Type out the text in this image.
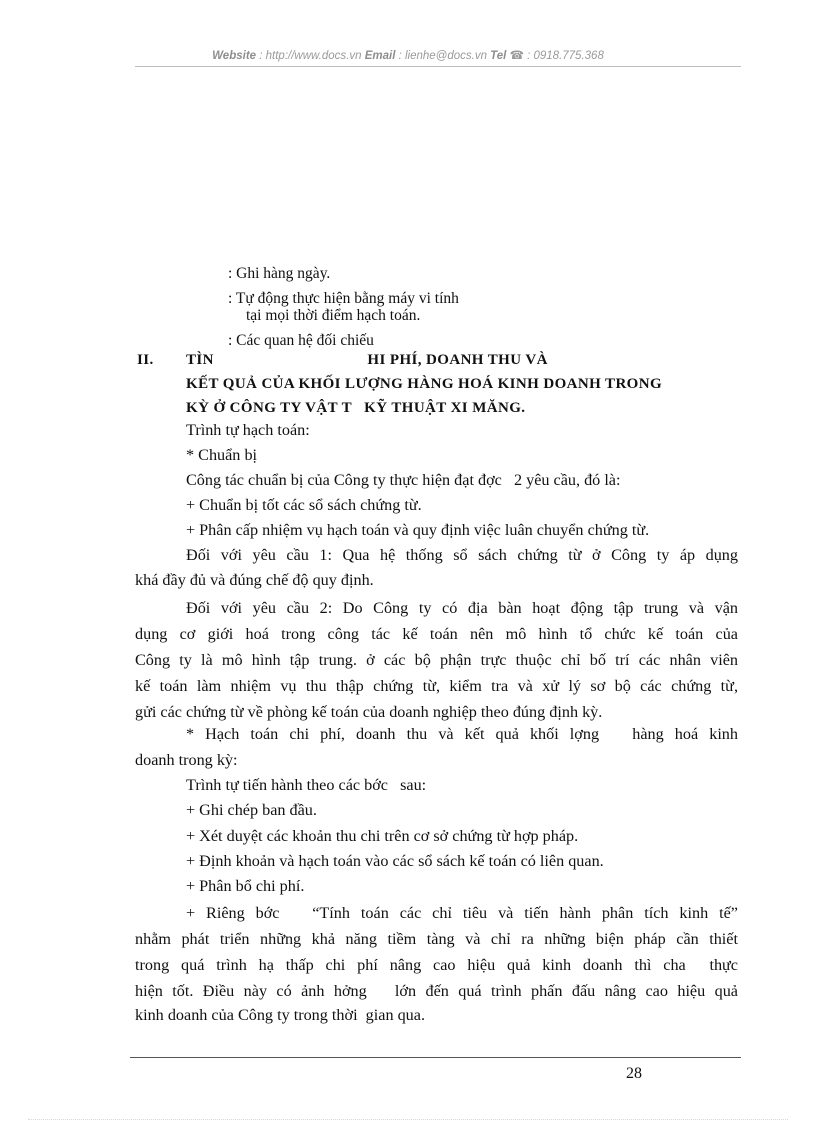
Website : http://www.docs.vn Email : lienhe@docs.vn Tel ☎ : 0918.775.368
: Ghi hàng ngày.
: Tự động thực hiện bằng máy vi tính
tại mọi thời điểm hạch toán.
: Các quan hệ đối chiếu
II. TÌN                                     HI PHÍ, DOANH THU VÀ
KẾT QUẢ CỦA KHỐI LƯỢNG HÀNG HOÁ KINH DOANH TRONG
KỲ Ở CÔNG TY VẬT T   KỸ THUẬT XI MĂNG.
Trình tự hạch toán:
* Chuẩn bị
Công tác chuẩn bị của Công ty thực hiện đạt đợc   2 yêu cầu, đó là:
+ Chuẩn bị tốt các sổ sách chứng từ.
+ Phân cấp nhiệm vụ hạch toán và quy định việc luân chuyển chứng từ.
Đối với yêu cầu 1: Qua hệ thống sổ sách chứng từ ở Công ty áp dụng
khá đầy đủ và đúng chế độ quy định.
Đối với yêu cầu 2: Do Công ty có địa bàn hoạt động tập trung và vận
dụng cơ giới hoá trong công tác kế toán nên mô hình tổ chức kế toán của
Công ty là mô hình tập trung. ở các bộ phận trực thuộc chỉ bố trí các nhân viên
kế toán làm nhiệm vụ thu thập chứng từ, kiểm tra và xử lý sơ bộ các chứng từ,
gửi các chứng từ về phòng kế toán của doanh nghiệp theo đúng định kỳ.
* Hạch toán chi phí, doanh thu và kết quả khối lợng   hàng hoá kinh
doanh trong kỳ:
Trình tự tiến hành theo các bớc   sau:
+ Ghi chép ban đầu.
+ Xét duyệt các khoản thu chi trên cơ sở chứng từ hợp pháp.
+ Định khoản và hạch toán vào các sổ sách kế toán có liên quan.
+ Phân bổ chi phí.
+ Riêng bớc   “Tính toán các chỉ tiêu và tiến hành phân tích kinh tế”
nhằm phát triển những khả năng tiềm tàng và chỉ ra những biện pháp cần thiết
trong quá trình hạ thấp chi phí nâng cao hiệu quả kinh doanh thì cha  thực
hiện tốt. Điều này có ảnh hởng   lớn đến quá trình phấn đấu nâng cao hiệu quả
kinh doanh của Công ty trong thời  gian qua.
28
